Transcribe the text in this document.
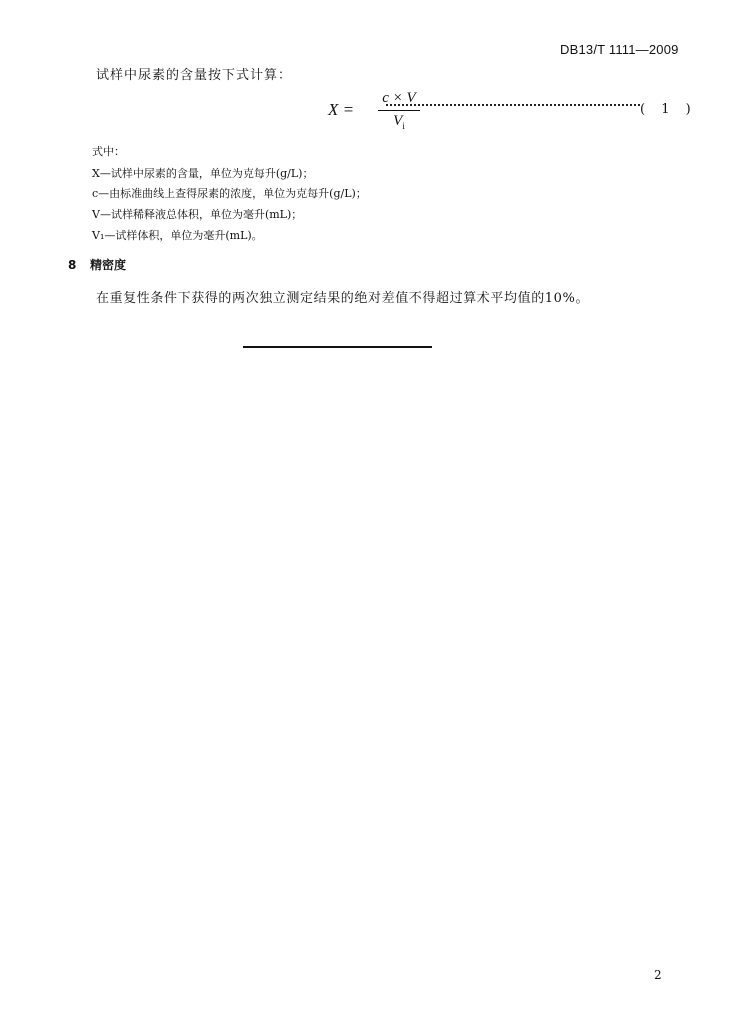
DB13/T 1111—2009
试样中尿素的含量按下式计算：
X =
c × V
$V_i$
( 1 )
式中：
X—试样中尿素的含量，单位为克每升(g/L)；
c—由标准曲线上查得尿素的浓度，单位为克每升(g/L)；
V—试样稀释液总体积，单位为毫升(mL)；
V₁—试样体积，单位为毫升(mL)。
8 精密度
在重复性条件下获得的两次独立测定结果的绝对差值不得超过算术平均值的10%。
2
